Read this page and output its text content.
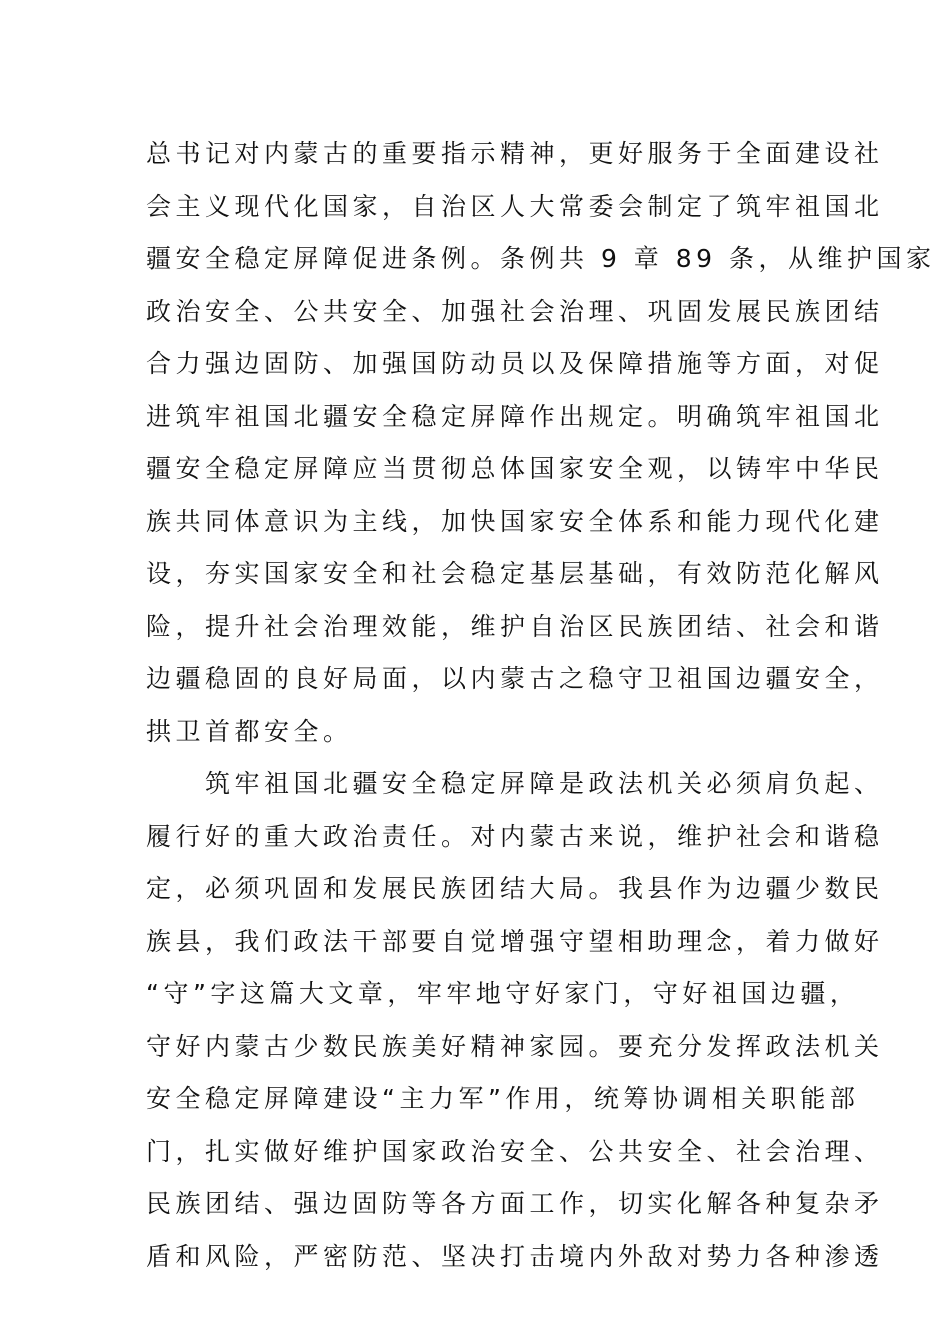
总书记对内蒙古的重要指示精神，更好服务于全面建设社
会主义现代化国家，自治区人大常委会制定了筑牢祖国北
疆安全稳定屏障促进条例。条例共 9 章 89 条，从维护国家
政治安全、公共安全、加强社会治理、巩固发展民族团结
合力强边固防、加强国防动员以及保障措施等方面，对促
进筑牢祖国北疆安全稳定屏障作出规定。明确筑牢祖国北
疆安全稳定屏障应当贯彻总体国家安全观，以铸牢中华民
族共同体意识为主线，加快国家安全体系和能力现代化建
设，夯实国家安全和社会稳定基层基础，有效防范化解风
险，提升社会治理效能，维护自治区民族团结、社会和谐
边疆稳固的良好局面，以内蒙古之稳守卫祖国边疆安全，
拱卫首都安全。
　　筑牢祖国北疆安全稳定屏障是政法机关必须肩负起、
履行好的重大政治责任。对内蒙古来说，维护社会和谐稳
定，必须巩固和发展民族团结大局。我县作为边疆少数民
族县，我们政法干部要自觉增强守望相助理念，着力做好
“守”字这篇大文章，牢牢地守好家门，守好祖国边疆，
守好内蒙古少数民族美好精神家园。要充分发挥政法机关
安全稳定屏障建设“主力军”作用，统筹协调相关职能部
门，扎实做好维护国家政治安全、公共安全、社会治理、
民族团结、强边固防等各方面工作，切实化解各种复杂矛
盾和风险，严密防范、坚决打击境内外敌对势力各种渗透
